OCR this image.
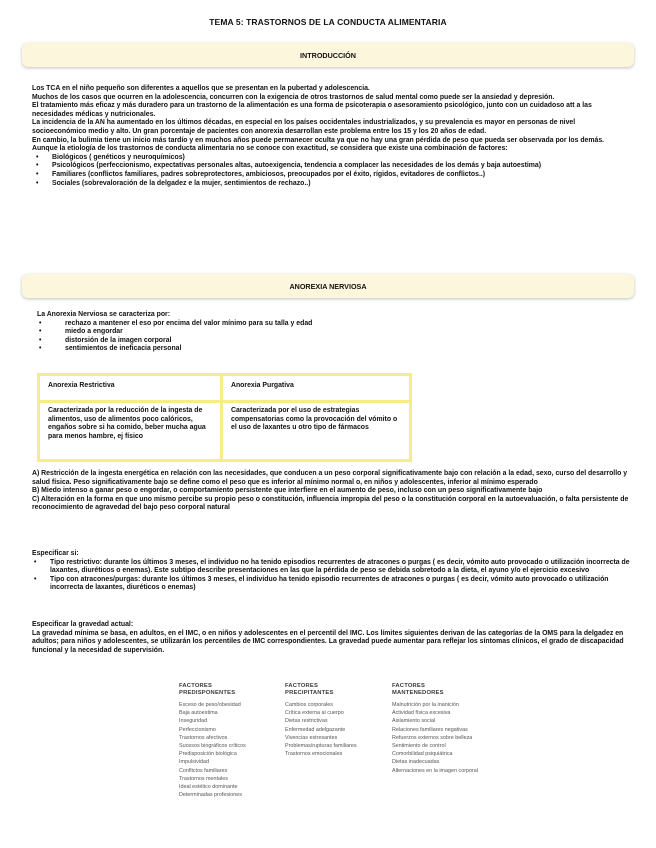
TEMA 5: TRASTORNOS DE LA CONDUCTA ALIMENTARIA
INTRODUCCIÓN

Los TCA en el niño pequeño son diferentes a aquellos que se presentan en la pubertad y adolescencia.

Muchos de los casos que ocurren en la adolescencia, concurren con la exigencia de otros trastornos de salud mental como puede ser la ansiedad y depresión.

El tratamiento más eficaz y más duradero para un trastorno de la alimentación es una forma de psicoterapia o asesoramiento psicológico, junto con un cuidadoso att a las necesidades médicas y nutricionales.

La incidencia de la AN ha aumentado en los últimos décadas, en especial en los países occidentales industrializados, y su prevalencia es mayor en personas de nivel socioeconómico medio y alto. Un gran porcentaje de pacientes con anorexia desarrollan este problema entre los 15 y los 20 años de edad.

En cambio, la bulimia tiene un inicio más tardío y en muchos años puede permanecer oculta ya que no hay una gran pérdida de peso que pueda ser observada por los demás.

Aunque la etiología de los trastornos de conducta alimentaria no se conoce con exactitud, se considera que existe una combinación de factores:

• Biológicos ( genéticos y neuroquímicos)
• Psicológicos (perfeccionismo, expectativas personales altas, autoexigencia, tendencia a complacer las necesidades de los demás y baja autoestima)
• Familiares (conflictos familiares, padres sobreprotectores, ambiciosos, preocupados por el éxito, rígidos, evitadores de conflictos..)
• Sociales (sobrevaloración de la delgadez e la mujer, sentimientos de rechazo..)
ANOREXIA NERVIOSA

La Anorexia Nerviosa se caracteriza por:

• rechazo a mantener el eso por encima del valor mínimo para su talla y edad
• miedo a engordar
• distorsión de la imagen corporal
• sentimientos de ineficacia personal
Anorexia Restrictiva	Anorexia Purgativa
Caracterizada por la reducción de la ingesta de alimentos, uso de alimentos poco calóricos, engaños sobre si ha comido, beber mucha agua para menos hambre, ej físico	Caracterizada por el uso de estrategias compensatorias como la provocación del vómito o el uso de laxantes u otro tipo de fármacos

A) Restricción de la ingesta energética en relación con las necesidades, que conducen a un peso corporal significativamente bajo con relación a la edad, sexo, curso del desarrollo y salud física. Peso significativamente bajo se define como el peso que es inferior al mínimo normal o, en niños y adolescentes, inferior al mínimo esperado

B) Miedo intenso a ganar peso o engordar, o comportamiento persistente que interfiere en el aumento de peso, incluso con un peso significativamente bajo

C) Alteración en la forma en que uno mismo percibe su propio peso o constitución, influencia impropia del peso o la constitución corporal en la autoevaluación, o falta persistente de reconocimiento de agravedad del bajo peso corporal natural

Especificar si:

• Tipo restrictivo: durante los últimos 3 meses, el individuo no ha tenido episodios recurrentes de atracones o purgas ( es decir, vómito auto provocado o utilización incorrecta de laxantes, diuréticos o enemas). Este subtipo describe presentaciones en las que la pérdida de peso se debida sobretodo a la dieta, el ayuno y/o el ejercicio excesivo
• Tipo con atracones/purgas: durante los últimos 3 meses, el individuo ha tenido episodio recurrentes de atracones o purgas ( es decir, vómito auto provocado o utilización incorrecta de laxantes, diuréticos o enemas)

Especificar la gravedad actual:

La gravedad mínima se basa, en adultos, en el IMC, o en niños y adolescentes en el percentil del IMC. Los límites siguientes derivan de las categorías de la OMS para la delgadez en adultos; para niños y adolescentes, se utilizarán los percentiles de IMC correspondientes. La gravedad puede aumentar para reflejar los síntomas clínicos, el grado de discapacidad funcional y la necesidad de supervisión.

FACTORES
PREDISPONENTES
Exceso de peso/obesidad
Baja autoestima
Inseguridad
Perfeccionismo
Trastornos afectivos
Sucesos biográficos críticos
Predisposición biológica
Impulsividad
Conflictos familiares
Trastornos mentales
Ideal estético dominante
Determinadas profesiones
FACTORES
PRECIPITANTES
Cambios corporales
Crítica externa al cuerpo
Dietas restrictivas
Enfermedad adelgazante
Vivencias estresantes
Problemas/rupturas familiares
Trastornos emocionales
FACTORES
MANTENEDORES
Malnutrición por la inanición
Actividad física excesiva
Aislamiento social
Relaciones familiares negativas
Refuerzos externos sobre belleza
Sentimiento de control
Comorbilidad psiquiátrica
Dietas inadecuadas
Alternaciones en la imagen corporal
